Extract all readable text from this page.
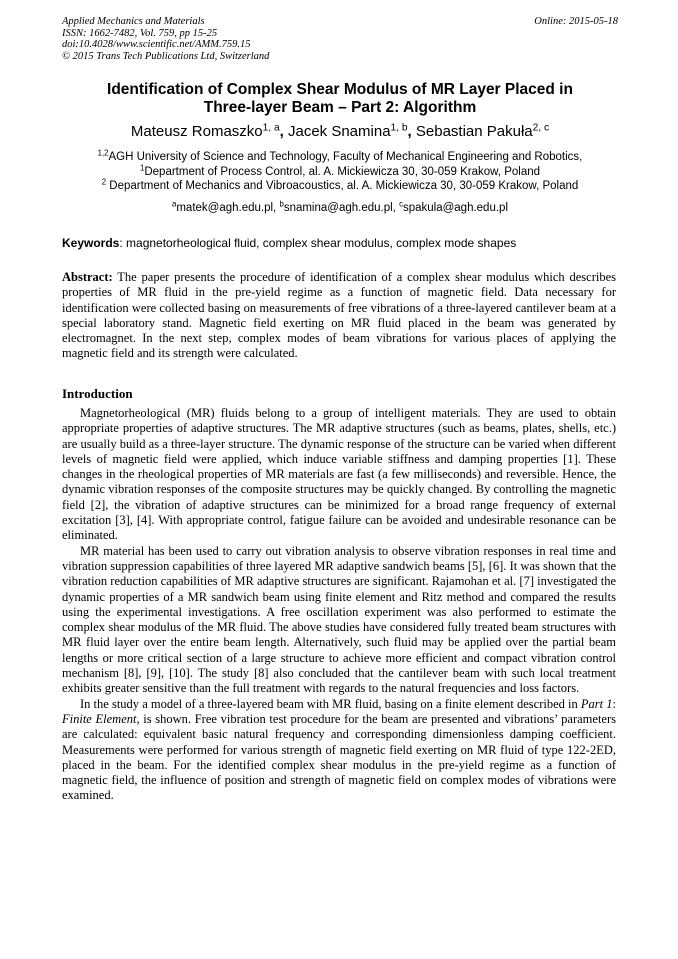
Applied Mechanics and Materials
ISSN: 1662-7482, Vol. 759, pp 15-25
doi:10.4028/www.scientific.net/AMM.759.15
© 2015 Trans Tech Publications Ltd, Switzerland
Online: 2015-05-18
Identification of Complex Shear Modulus of MR Layer Placed in
Three-layer Beam – Part 2: Algorithm
Mateusz Romaszko$^{1, a}$, Jacek Snamina$^{1, b}$, Sebastian Pakuła$^{2, c}$
$^{1,2}$AGH University of Science and Technology, Faculty of Mechanical Engineering and Robotics,
$^1$Department of Process Control, al. A. Mickiewicza 30, 30-059 Krakow, Poland
$^2$ Department of Mechanics and Vibroacoustics, al. A. Mickiewicza 30, 30-059 Krakow, Poland
$^a$matek@agh.edu.pl, $^b$snamina@agh.edu.pl, $^c$spakula@agh.edu.pl
Keywords: magnetorheological fluid, complex shear modulus, complex mode shapes
Abstract: The paper presents the procedure of identification of a complex shear modulus which describes properties of MR fluid in the pre-yield regime as a function of magnetic field. Data necessary for identification were collected basing on measurements of free vibrations of a three-layered cantilever beam at a special laboratory stand. Magnetic field exerting on MR fluid placed in the beam was generated by electromagnet. In the next step, complex modes of beam vibrations for various places of applying the magnetic field and its strength were calculated.
Introduction

Magnetorheological (MR) fluids belong to a group of intelligent materials. They are used to obtain appropriate properties of adaptive structures. The MR adaptive structures (such as beams, plates, shells, etc.) are usually build as a three-layer structure. The dynamic response of the structure can be varied when different levels of magnetic field were applied, which induce variable stiffness and damping properties [1]. These changes in the rheological properties of MR materials are fast (a few milliseconds) and reversible. Hence, the dynamic vibration responses of the composite structures may be quickly changed. By controlling the magnetic field [2], the vibration of adaptive structures can be minimized for a broad range frequency of external excitation [3], [4]. With appropriate control, fatigue failure can be avoided and undesirable resonance can be eliminated.

MR material has been used to carry out vibration analysis to observe vibration responses in real time and vibration suppression capabilities of three layered MR adaptive sandwich beams [5], [6]. It was shown that the vibration reduction capabilities of MR adaptive structures are significant. Rajamohan et al. [7] investigated the dynamic properties of a MR sandwich beam using finite element and Ritz method and compared the results using the experimental investigations. A free oscillation experiment was also performed to estimate the complex shear modulus of the MR fluid. The above studies have considered fully treated beam structures with MR fluid layer over the entire beam length. Alternatively, such fluid may be applied over the partial beam lengths or more critical section of a large structure to achieve more efficient and compact vibration control mechanism [8], [9], [10]. The study [8] also concluded that the cantilever beam with such local treatment exhibits greater sensitive than the full treatment with regards to the natural frequencies and loss factors.

In the study a model of a three-layered beam with MR fluid, basing on a finite element described in Part 1: Finite Element, is shown. Free vibration test procedure for the beam are presented and vibrations’ parameters are calculated: equivalent basic natural frequency and corresponding dimensionless damping coefficient. Measurements were performed for various strength of magnetic field exerting on MR fluid of type 122-2ED, placed in the beam. For the identified complex shear modulus in the pre-yield regime as a function of magnetic field, the influence of position and strength of magnetic field on complex modes of vibrations were examined.
